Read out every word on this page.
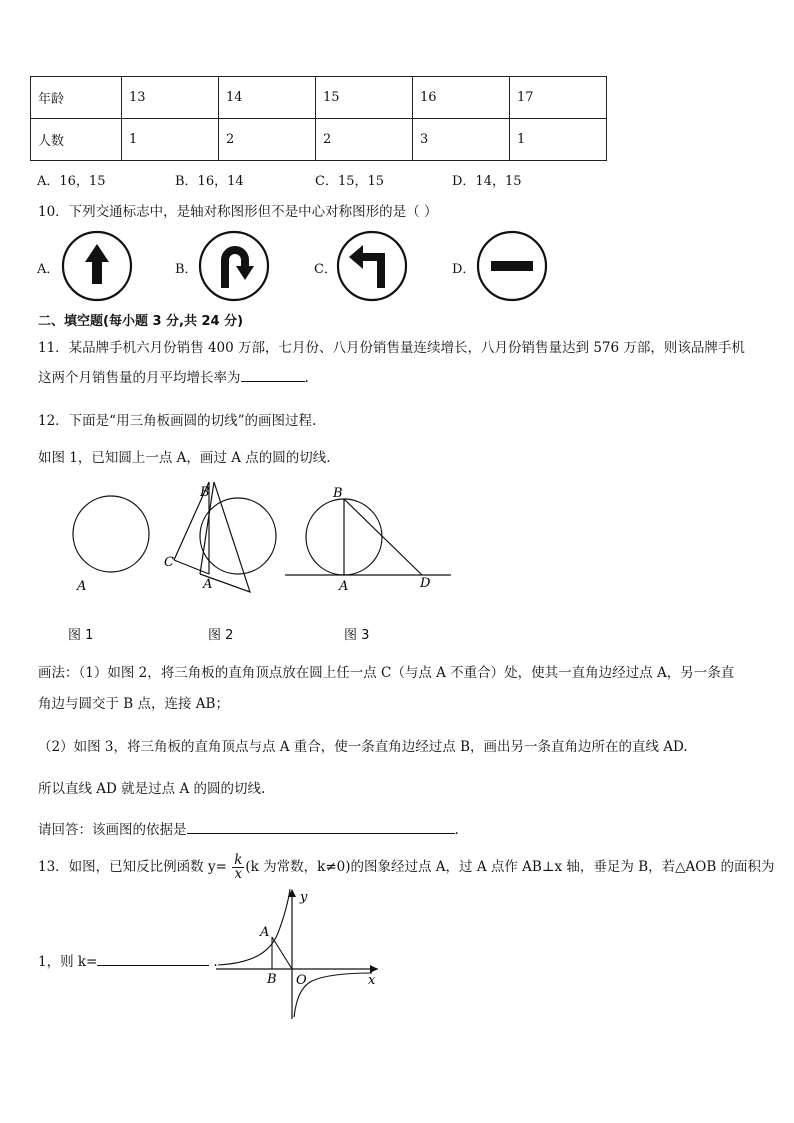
年龄	13	14	15	16	17
人数	1	2	2	3	1
A．16，15	B．16，14	C．15，15	D．14，15
10．下列交通标志中，是轴对称图形但不是中心对称图形的是（ ）
A．	B．	C．	D．
二、填空题(每小题 3 分,共 24 分)
11．某品牌手机六月份销售 400 万部，七月份、八月份销售量连续增长，八月份销售量达到 576 万部，则该品牌手机
这两个月销售量的月平均增长率为	.
12．下面是“用三角板画圆的切线”的画图过程.
如图 1，已知圆上一点 A，画过 A 点的圆的切线.
A
B
C
A
B
A	D
图 1	图 2	图 3
画法：（1）如图 2，将三角板的直角顶点放在圆上任一点 C（与点 A 不重合）处，使其一直角边经过点 A，另一条直
角边与圆交于 B 点，连接 AB；
（2）如图 3，将三角板的直角顶点与点 A 重合，使一条直角边经过点 B，画出另一条直角边所在的直线 AD.
所以直线 AD 就是过点 A 的圆的切线.
请回答：该画图的依据是	.
13．如图，已知反比例函数 $y= \frac{k}{x} (k$ 为常数，k≠0)的图象经过点 A，过 A 点作 AB⊥x 轴，垂足为 B，若△AOB 的面积为
1，则 k=	.
y
x
O
A
B
